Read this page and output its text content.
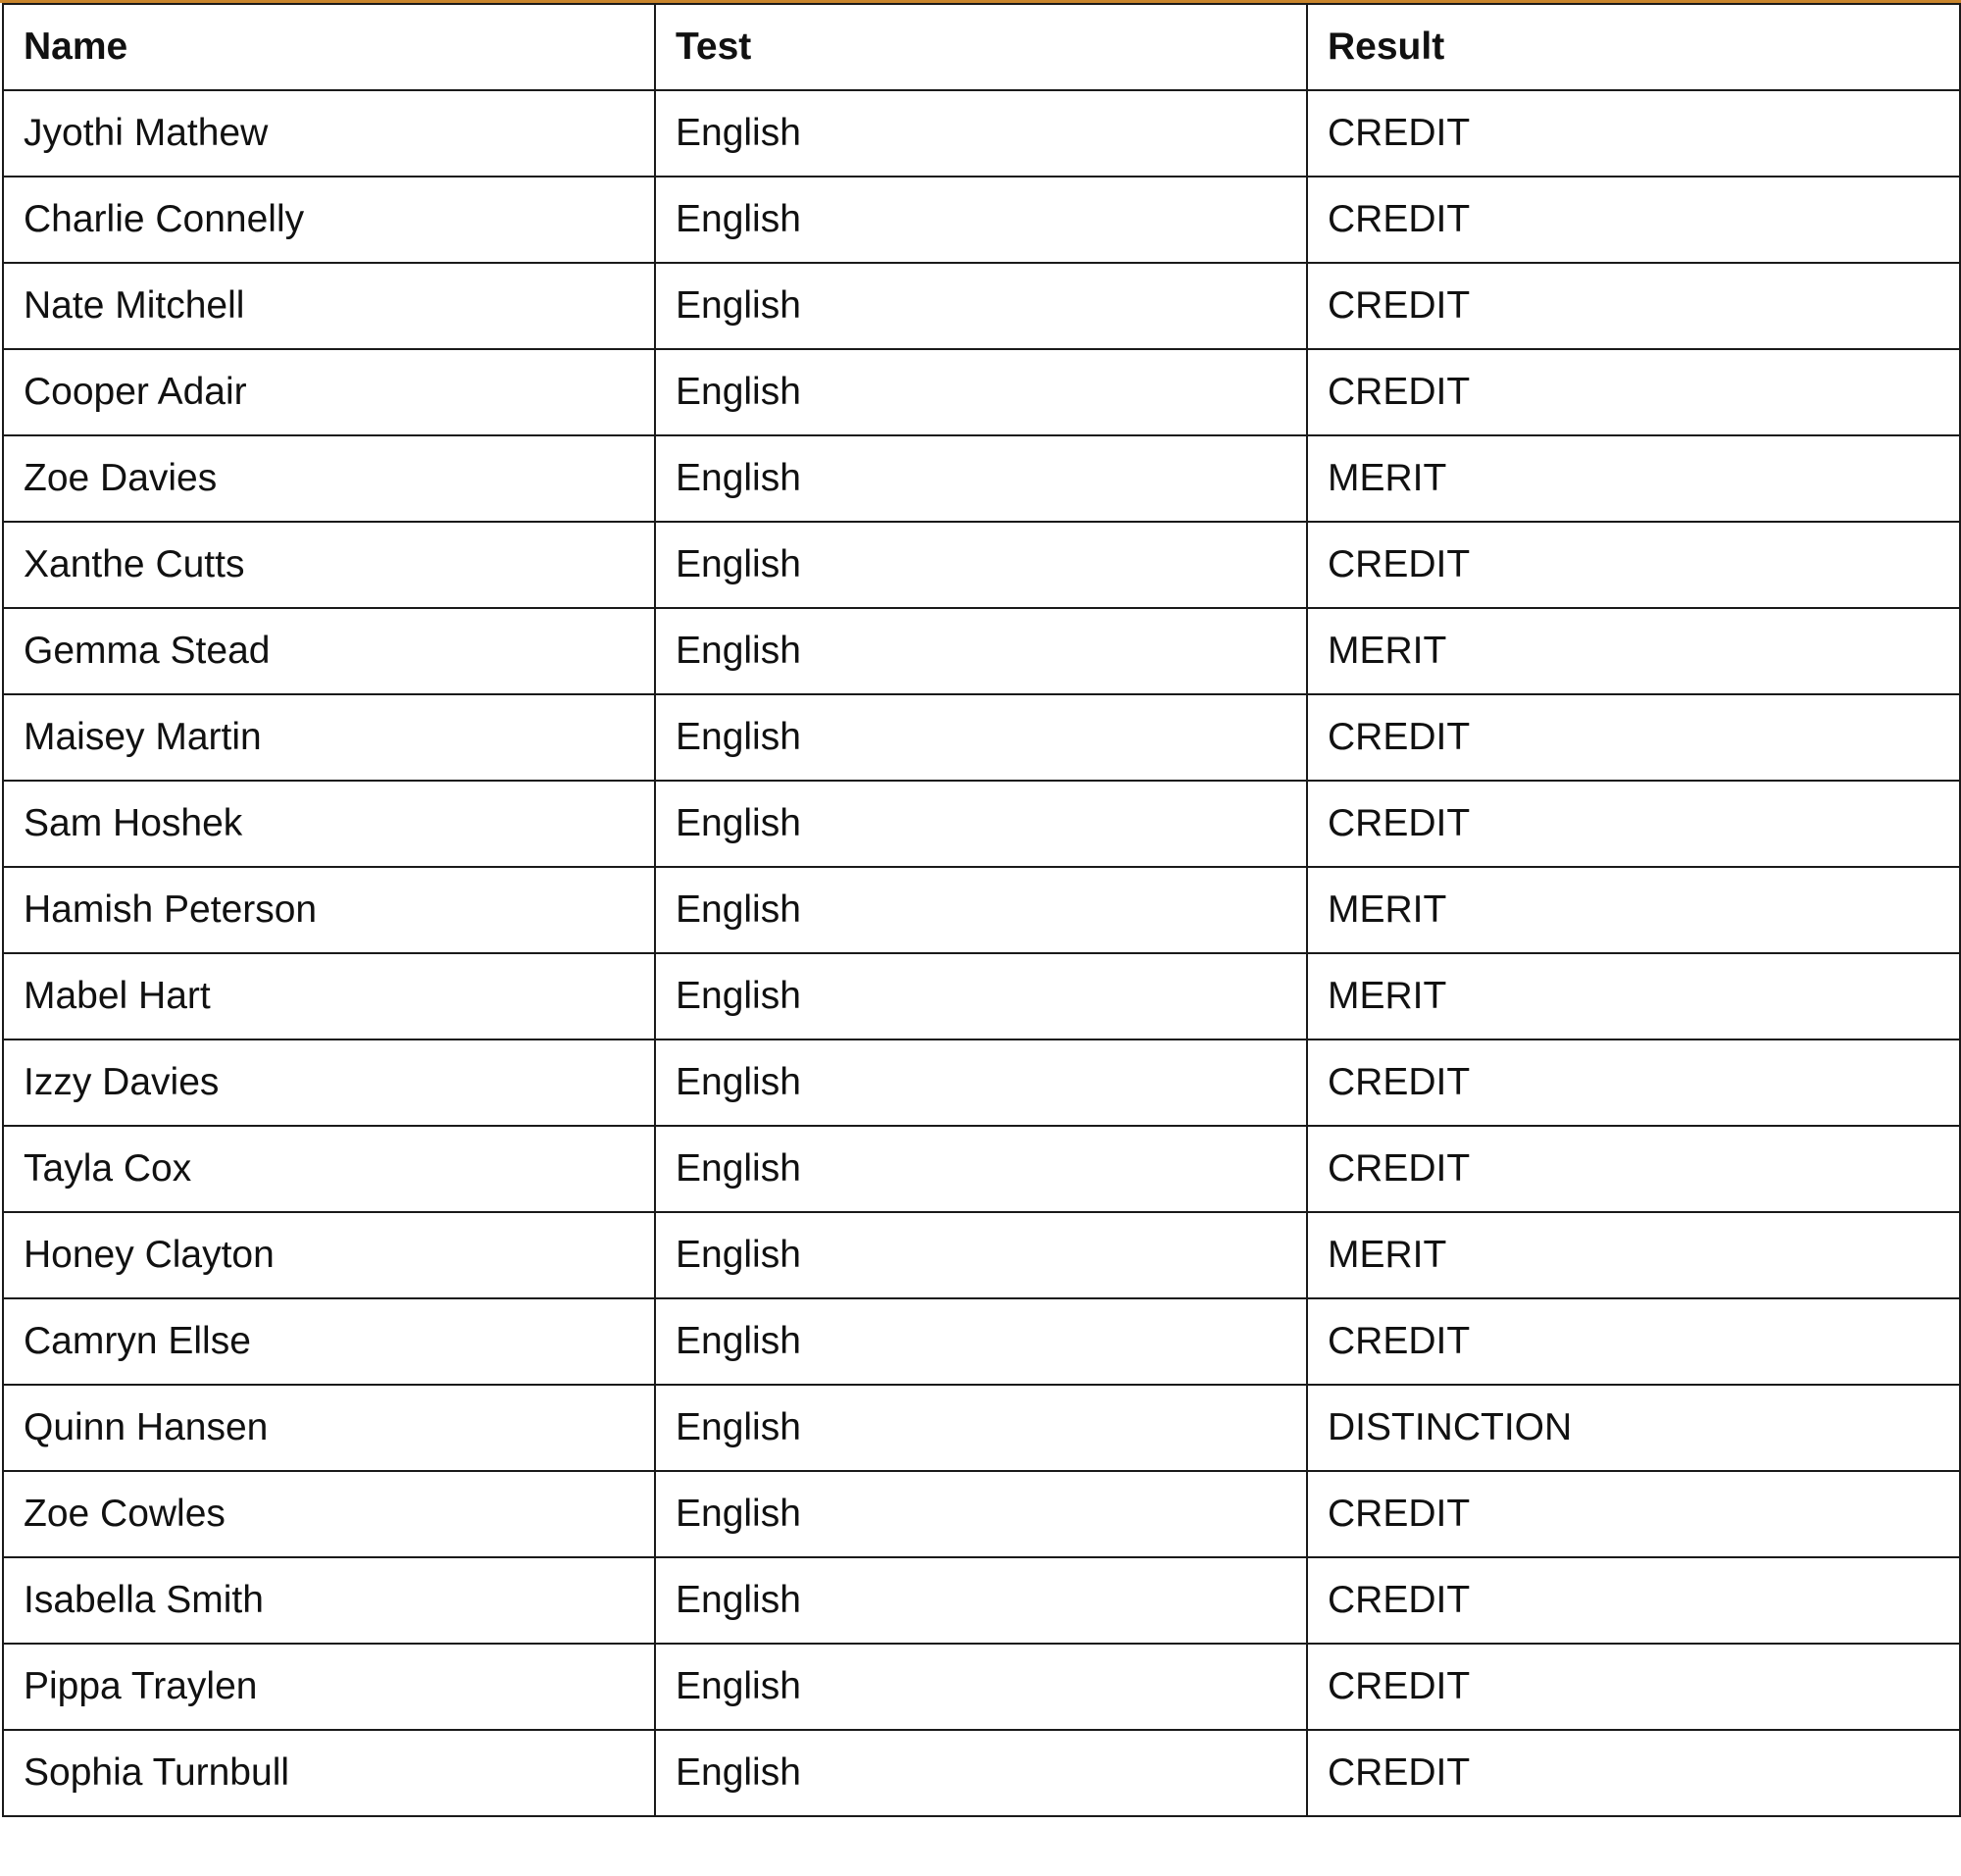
Name	Test	Result
Jyothi Mathew	English	CREDIT
Charlie Connelly	English	CREDIT
Nate Mitchell	English	CREDIT
Cooper Adair	English	CREDIT
Zoe Davies	English	MERIT
Xanthe Cutts	English	CREDIT
Gemma Stead	English	MERIT
Maisey Martin	English	CREDIT
Sam Hoshek	English	CREDIT
Hamish Peterson	English	MERIT
Mabel Hart	English	MERIT
Izzy Davies	English	CREDIT
Tayla Cox	English	CREDIT
Honey Clayton	English	MERIT
Camryn Ellse	English	CREDIT
Quinn Hansen	English	DISTINCTION
Zoe Cowles	English	CREDIT
Isabella Smith	English	CREDIT
Pippa Traylen	English	CREDIT
Sophia Turnbull	English	CREDIT
